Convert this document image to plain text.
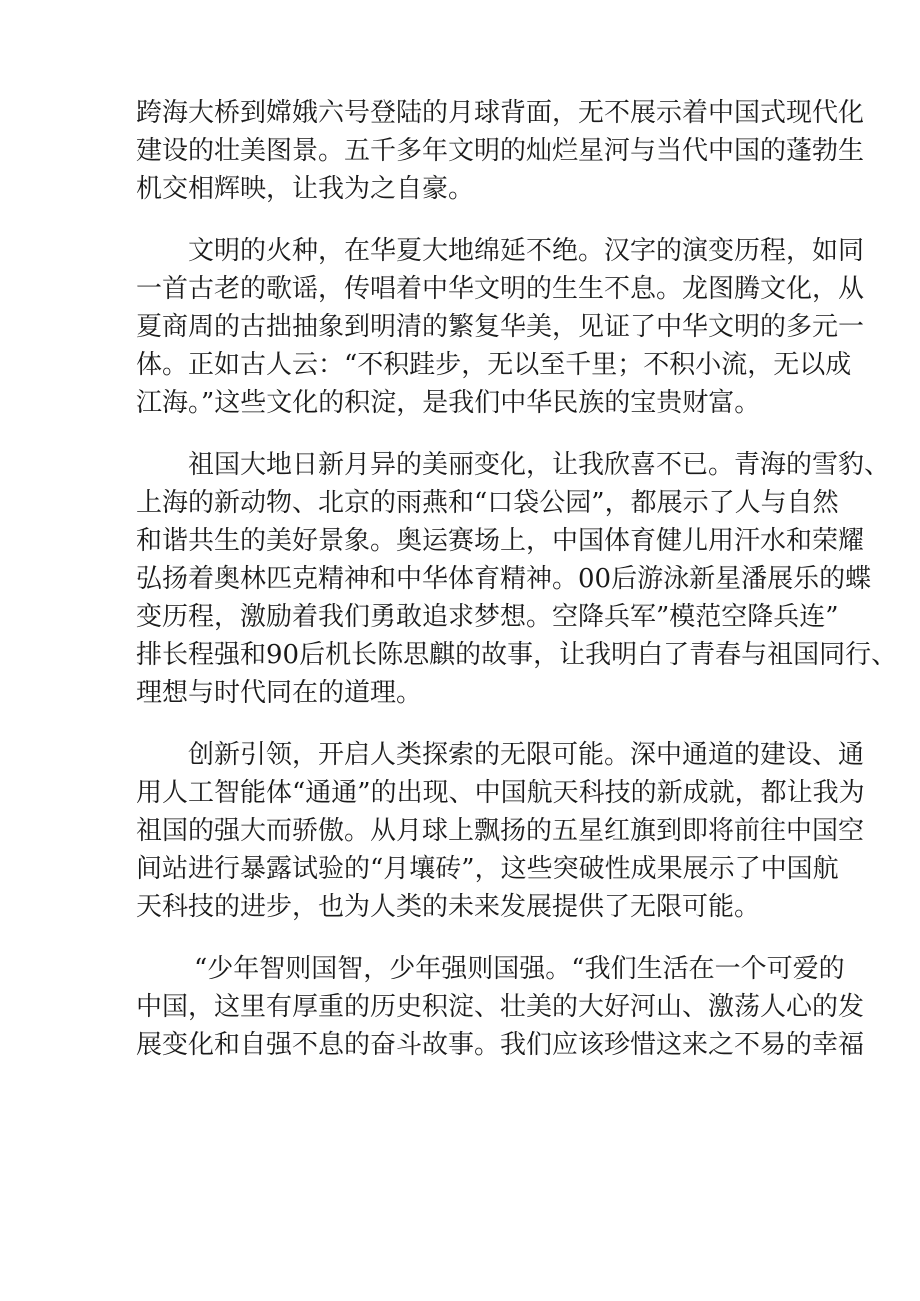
跨海大桥到嫦娥六号登陆的月球背面，无不展示着中国式现代化
建设的壮美图景。五千多年文明的灿烂星河与当代中国的蓬勃生
机交相辉映，让我为之自豪。

文明的火种，在华夏大地绵延不绝。汉字的演变历程，如同
一首古老的歌谣，传唱着中华文明的生生不息。龙图腾文化，从
夏商周的古拙抽象到明清的繁复华美，见证了中华文明的多元一
体。正如古人云：“不积跬步，无以至千里；不积小流，无以成
江海。”这些文化的积淀，是我们中华民族的宝贵财富。

祖国大地日新月异的美丽变化，让我欣喜不已。青海的雪豹、
上海的新动物、北京的雨燕和“口袋公园”，都展示了人与自然
和谐共生的美好景象。奥运赛场上，中国体育健儿用汗水和荣耀
弘扬着奥林匹克精神和中华体育精神。00后游泳新星潘展乐的蝶
变历程，激励着我们勇敢追求梦想。空降兵军”模范空降兵连”
排长程强和90后机长陈思麒的故事，让我明白了青春与祖国同行、
理想与时代同在的道理。

创新引领，开启人类探索的无限可能。深中通道的建设、通
用人工智能体“通通”的出现、中国航天科技的新成就，都让我为
祖国的强大而骄傲。从月球上飘扬的五星红旗到即将前往中国空
间站进行暴露试验的“月壤砖”，这些突破性成果展示了中国航
天科技的进步，也为人类的未来发展提供了无限可能。

“少年智则国智，少年强则国强。“我们生活在一个可爱的
中国，这里有厚重的历史积淀、壮美的大好河山、激荡人心的发
展变化和自强不息的奋斗故事。我们应该珍惜这来之不易的幸福
